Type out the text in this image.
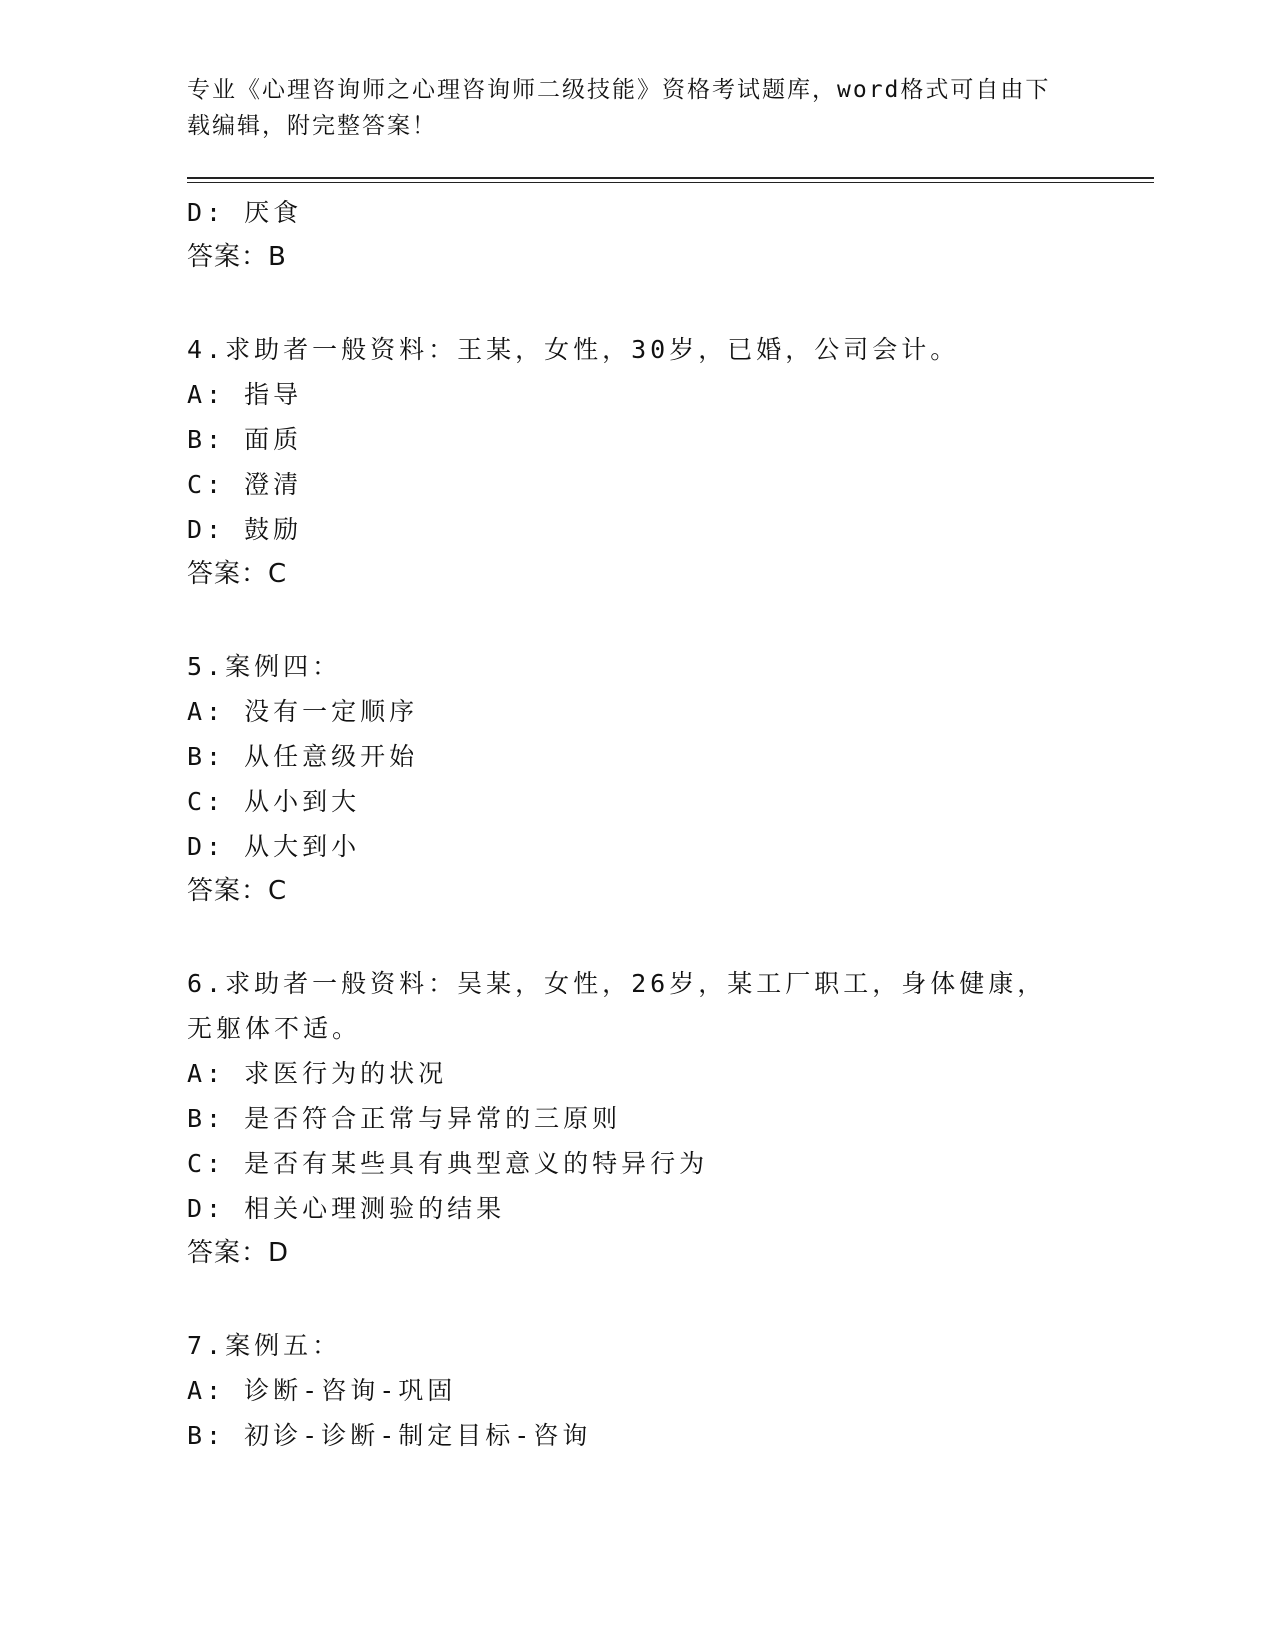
专业《心理咨询师之心理咨询师二级技能》资格考试题库，word格式可自由下载编辑，附完整答案！
D: 厌食
答案：B
4.求助者一般资料：王某，女性，30岁，已婚，公司会计。
A: 指导
B: 面质
C: 澄清
D: 鼓励
答案：C
5.案例四：
A: 没有一定顺序
B: 从任意级开始
C: 从小到大
D: 从大到小
答案：C
6.求助者一般资料：吴某，女性，26岁，某工厂职工，身体健康，无躯体不适。
A: 求医行为的状况
B: 是否符合正常与异常的三原则
C: 是否有某些具有典型意义的特异行为
D: 相关心理测验的结果
答案：D
7.案例五：
A: 诊断-咨询-巩固
B: 初诊-诊断-制定目标-咨询
